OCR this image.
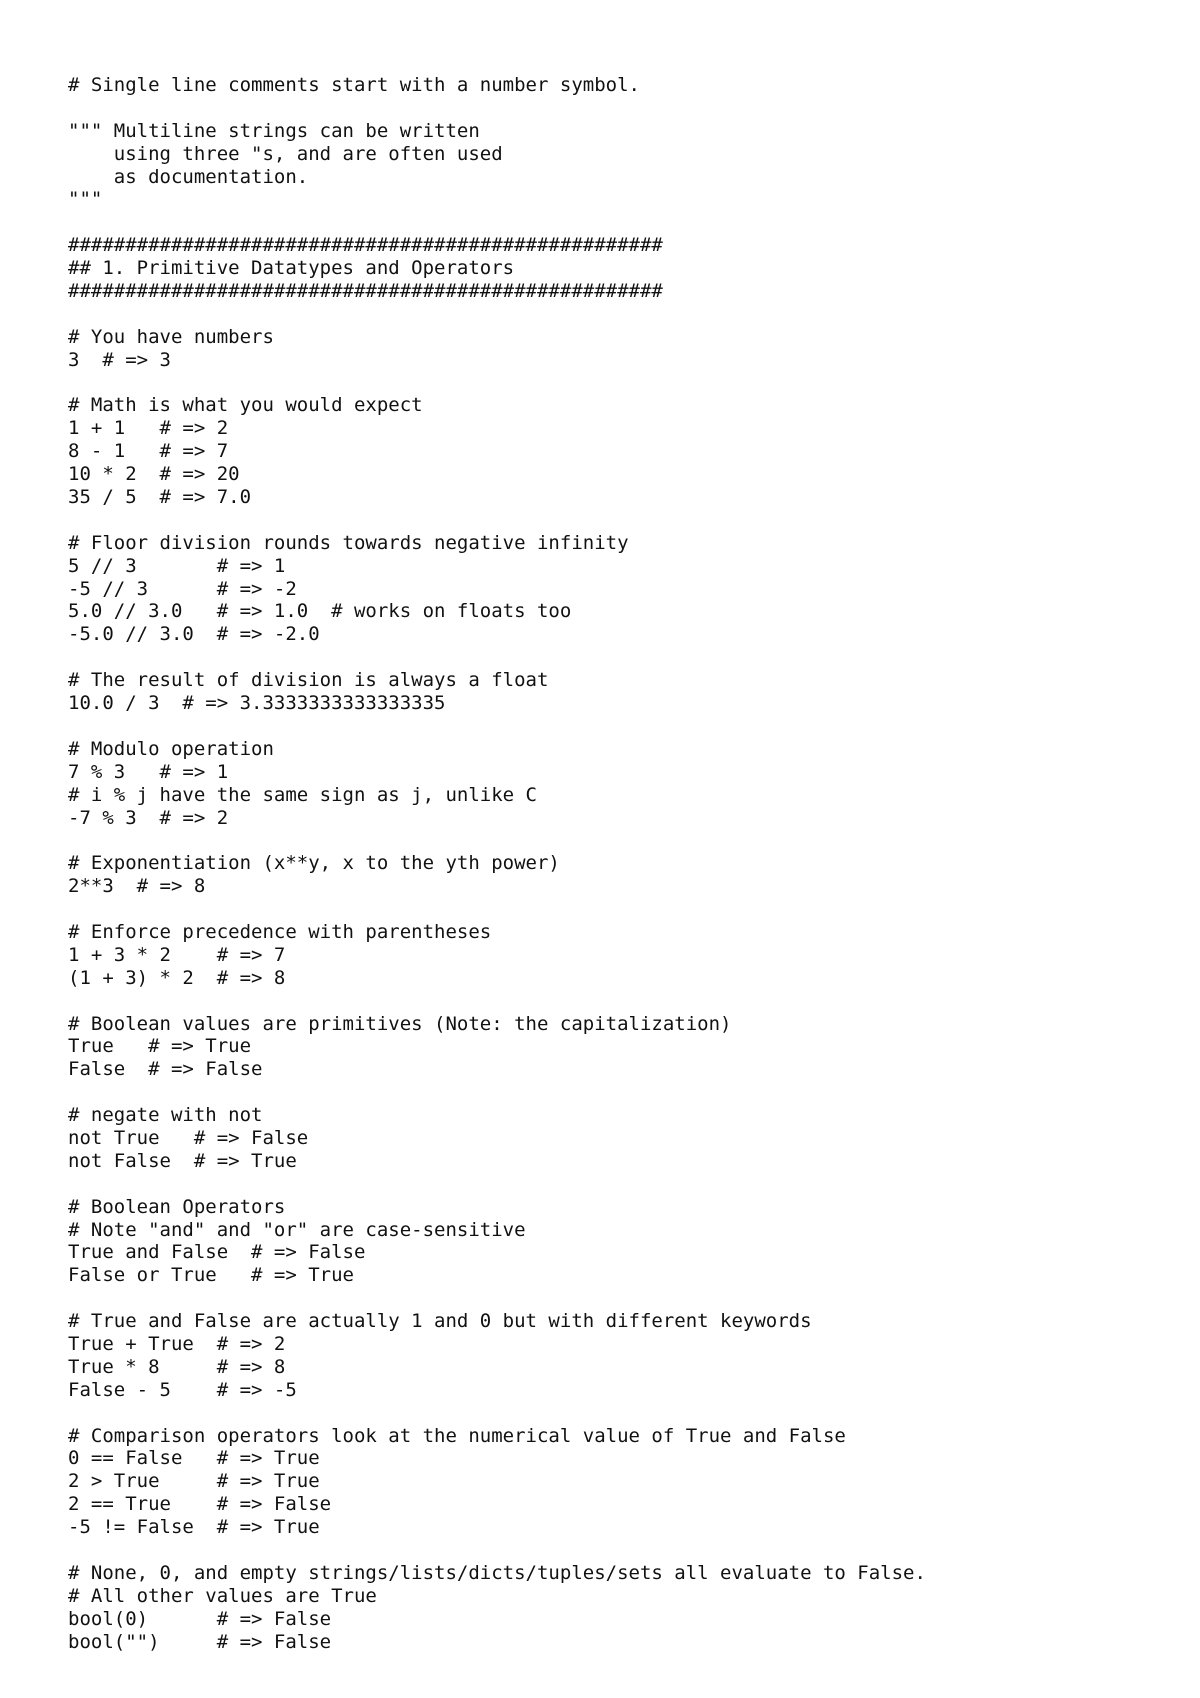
# Single line comments start with a number symbol.
""" Multiline strings can be written
using three "s, and are often used
as documentation.
"""
####################################################
## 1. Primitive Datatypes and Operators
####################################################
# You have numbers
3  # => 3
# Math is what you would expect
1 + 1   # => 2
8 - 1   # => 7
10 * 2  # => 20
35 / 5  # => 7.0
# Floor division rounds towards negative infinity
5 // 3       # => 1
-5 // 3      # => -2
5.0 // 3.0   # => 1.0  # works on floats too
-5.0 // 3.0  # => -2.0
# The result of division is always a float
10.0 / 3  # => 3.3333333333333335
# Modulo operation
7 % 3   # => 1
# i % j have the same sign as j, unlike C
-7 % 3  # => 2
# Exponentiation (x**y, x to the yth power)
2**3  # => 8
# Enforce precedence with parentheses
1 + 3 * 2    # => 7
(1 + 3) * 2  # => 8
# Boolean values are primitives (Note: the capitalization)
True   # => True
False  # => False
# negate with not
not True   # => False
not False  # => True
# Boolean Operators
# Note "and" and "or" are case-sensitive
True and False  # => False
False or True   # => True
# True and False are actually 1 and 0 but with different keywords
True + True  # => 2
True * 8     # => 8
False - 5    # => -5
# Comparison operators look at the numerical value of True and False
0 == False   # => True
2 > True     # => True
2 == True    # => False
-5 != False  # => True
# None, 0, and empty strings/lists/dicts/tuples/sets all evaluate to False.
# All other values are True
bool(0)      # => False
bool("")     # => False
